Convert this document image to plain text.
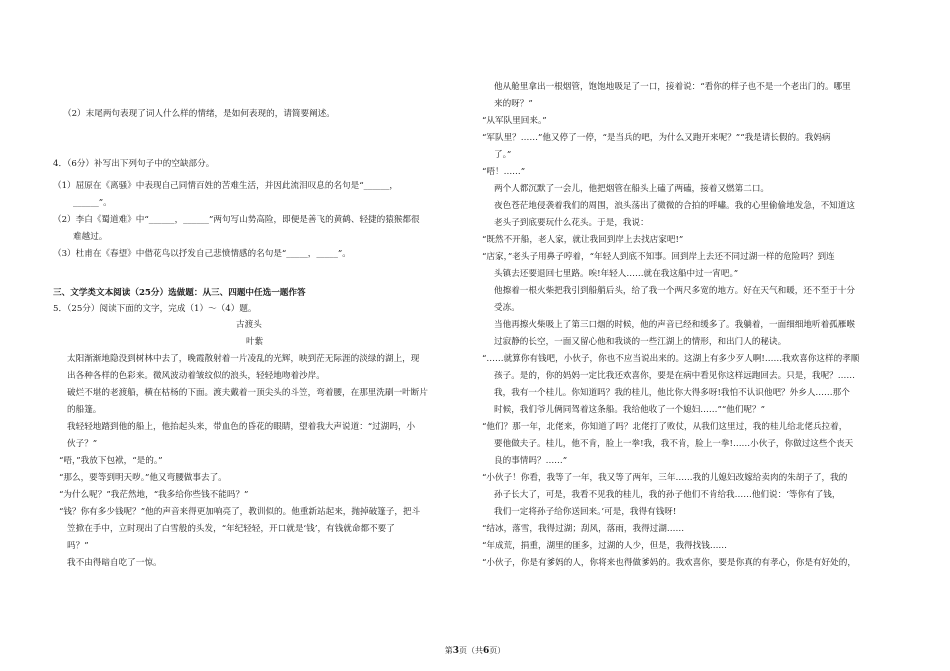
（2）末尾两句表现了词人什么样的情绪，是如何表现的，请简要阐述。
4．（6分）补写出下列句子中的空缺部分。
（1）屈原在《离骚》中表现自己同情百姓的苦难生活，并因此流泪叹息的名句是“______，
______”。
（2）李白《蜀道难》中“______，______”两句写山势高险，即便是善飞的黄鹤、轻捷的猿猴都很
难越过。
（3）杜甫在《春望》中借花鸟以抒发自己悲愤情感的名句是“_____，_____”。
三、文学类文本阅读（25分）选做题：从三、四题中任选一题作答
5．（25分）阅读下面的文字，完成（1）～（4）题。
古渡头
叶紫
太阳渐渐地隐没到树林中去了，晚霞散射着一片凌乱的光辉，映到茫无际涯的淡绿的湖上，现
出各种各样的色彩来。微风波动着皱纹似的浪头，轻轻地吻着沙岸。
破烂不堪的老渡船，横在枯杨的下面。渡夫戴着一顶尖头的斗笠，弯着腰，在那里洗刷一叶断片
的船篷。
我轻轻地踏到他的船上，他抬起头来，带血色的昏花的眼睛，望着我大声说道：“过湖吗，小
伙子？”
“唔，”我放下包袱，“是的。”
“那么，要等到明天哕。”他又弯腰做事去了。
“为什么呢？”我茫然地，“我多给你些钱不能吗？”
“钱？你有多少钱呢？”他的声音来得更加响亮了，教训似的。他重新站起来，抛掉破篷子，把斗
笠掀在手中，立时现出了白雪般的头发，“年纪轻轻，开口就是‘钱’，有钱就命都不要了
吗？”
我不由得暗自吃了一惊。
他从舱里拿出一根烟管，饱饱地吸足了一口，接着说：“看你的样子也不是一个老出门的。哪里
来的呀？”
“从军队里回来。”
“军队里？……”他又停了一停，“是当兵的吧，为什么又跑开来呢？”“我是请长假的。我妈病
了。”
“唔！……”
两个人都沉默了一会儿，他把烟管在船头上磕了两磕，接着又燃第二口。
夜色苍茫地侵袭着我们的周围，浪头荡出了微微的合拍的呼嘯。我的心里偷偷地发急，不知道这
老头子到底要玩什么花头。于是，我说：
“既然不开船，老人家，就让我回到岸上去找店家吧!”
“店家，”老头子用鼻子哼着，“年轻人到底不知事。回到岸上去还不同过湖一样的危险吗？到连
头镇去还要退回七里路。唉!年轻人……就在我这船中过一宵吧。”
他擦着一根火柴把我引到船艄后头，给了我一个两尺多宽的地方。好在天气和暖，还不至于十分
受冻。
当他再擦火柴吸上了第三口烟的时候，他的声音已经和缓多了。我躺着，一面细细地听着孤雁喉
过寂静的长空，一面又留心他和我谈的一些江湖上的情形，和出门人的秘诀。
“……就算你有钱吧，小伙子，你也不应当说出来的。这湖上有多少歹人啊!……我欢喜你这样的孝顺
孩子。是的，你的妈妈一定比我还欢喜你，要是在病中看见你这样远跑回去。只是，我呢？……
我，我有一个桂儿。你知道吗？我的桂儿，他比你大得多呀!我怕不认识他吧？外乡人……那个
时候，我们爷儿俩同驾着这条船。我给他收了一个媳妇……”“他们呢？”
“他们？那一年，北佬来，你知道了吗？北佬打了败仗，从我们这里过，我的桂儿给北佬兵拉着，
要他做夫子。桂儿，他不肯，脸上一拳!我，我不肯，脸上一拳!……小伙子，你做过这些个丧天
良的事情吗？……”
“小伙子！你看，我等了一年，我又等了两年，三年……我的儿媳妇改嫁给卖肉的朱胡子了，我的
孙子长大了，可是，我看不见我的桂儿，我的孙子他们不肯给我……他们说：‘等你有了钱，
我们一定将孙子给你送回来。’可是，我得有钱呀!
“结冰，落雪，我得过湖；刮风，落雨，我得过湖……
“年成荒，捐重，湖里的匪多，过湖的人少，但是，我得找钱……
“小伙子，你是有爹妈的人，你将来也得做爹妈的。我欢喜你，要是你真的有孝心，你是有好处的，
第3页（共6页）
